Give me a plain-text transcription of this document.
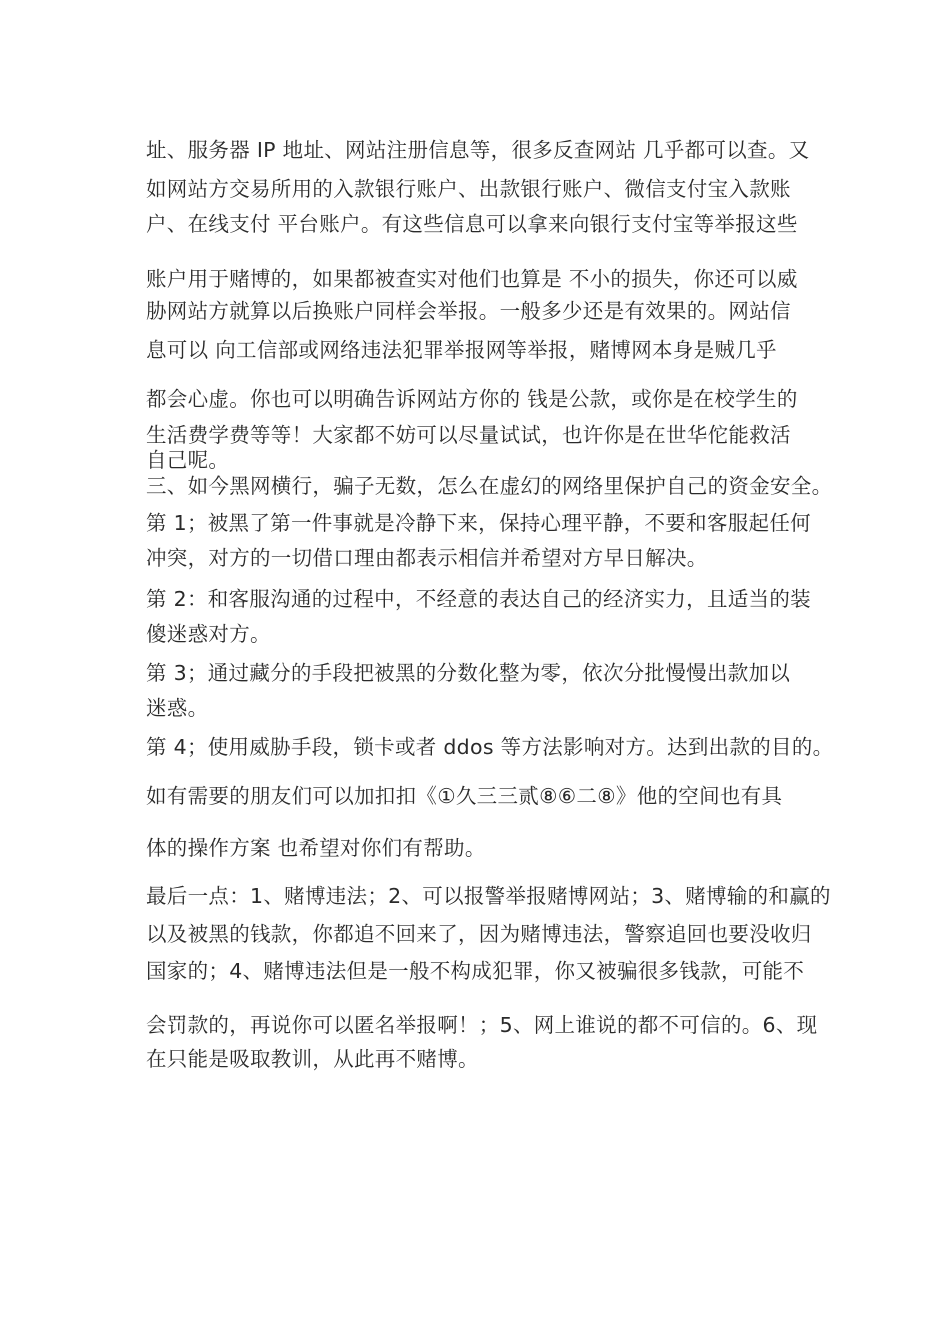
址、服务器 IP 地址、网站注册信息等，很多反查网站 几乎都可以查。又
如网站方交易所用的入款银行账户、出款银行账户、微信支付宝入款账
户、在线支付 平台账户。有这些信息可以拿来向银行支付宝等举报这些
账户用于赌博的，如果都被查实对他们也算是 不小的损失，你还可以威
胁网站方就算以后换账户同样会举报。一般多少还是有效果的。网站信
息可以 向工信部或网络违法犯罪举报网等举报，赌博网本身是贼几乎
都会心虚。你也可以明确告诉网站方你的 钱是公款，或你是在校学生的
生活费学费等等！大家都不妨可以尽量试试，也许你是在世华佗能救活
自己呢。
三、如今黑网横行，骗子无数，怎么在虚幻的网络里保护自己的资金安全。
第 1；被黑了第一件事就是冷静下来，保持心理平静，不要和客服起任何
冲突，对方的一切借口理由都表示相信并希望对方早日解决。
第 2：和客服沟通的过程中，不经意的表达自己的经济实力，且适当的装
傻迷惑对方。
第 3；通过藏分的手段把被黑的分数化整为零，依次分批慢慢出款加以
迷惑。
第 4；使用威胁手段，锁卡或者 ddos 等方法影响对方。达到出款的目的。
如有需要的朋友们可以加扣扣《①久三三贰⑧⑥二⑧》他的空间也有具
体的操作方案 也希望对你们有帮助。
最后一点：1、赌博违法；2、可以报警举报赌博网站；3、赌博输的和赢的
以及被黑的钱款，你都追不回来了，因为赌博违法，警察追回也要没收归
国家的；4、赌博违法但是一般不构成犯罪，你又被骗很多钱款，可能不
会罚款的，再说你可以匿名举报啊！；5、网上谁说的都不可信的。6、现
在只能是吸取教训，从此再不赌博。
